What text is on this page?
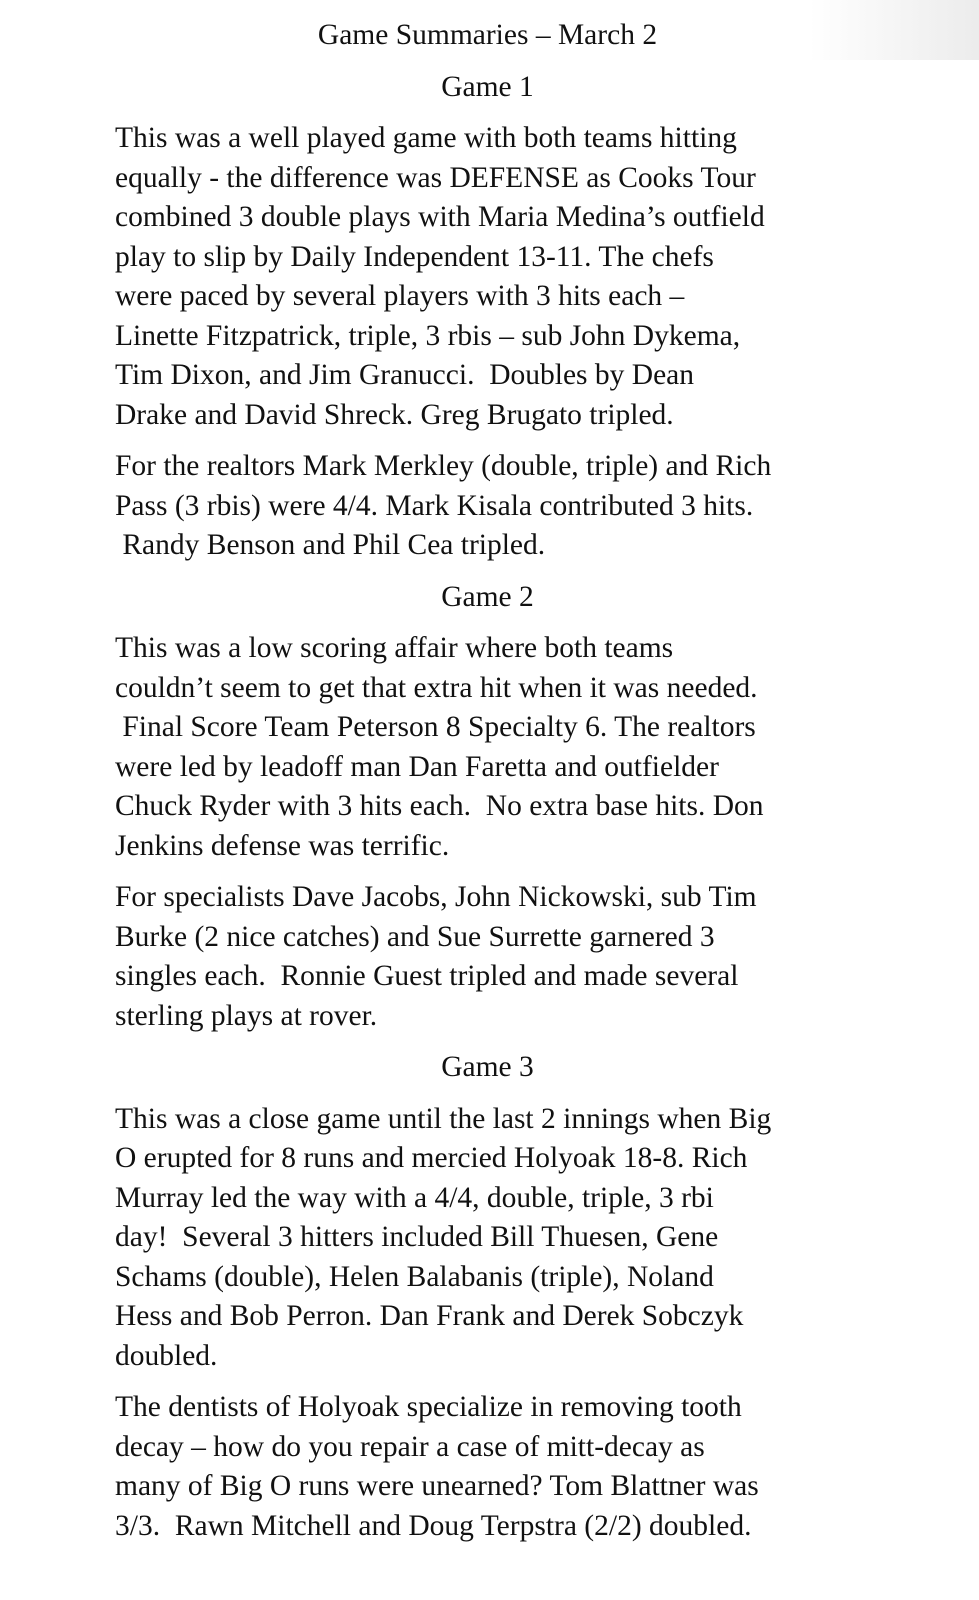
Game Summaries – March 2
Game 1
This was a well played game with both teams hitting
equally - the difference was DEFENSE as Cooks Tour
combined 3 double plays with Maria Medina’s outfield
play to slip by Daily Independent 13-11. The chefs
were paced by several players with 3 hits each –
Linette Fitzpatrick, triple, 3 rbis – sub John Dykema,
Tim Dixon, and Jim Granucci.  Doubles by Dean
Drake and David Shreck. Greg Brugato tripled.
For the realtors Mark Merkley (double, triple) and Rich
Pass (3 rbis) were 4/4. Mark Kisala contributed 3 hits.
Randy Benson and Phil Cea tripled.
Game 2
This was a low scoring affair where both teams
couldn’t seem to get that extra hit when it was needed.
Final Score Team Peterson 8 Specialty 6. The realtors
were led by leadoff man Dan Faretta and outfielder
Chuck Ryder with 3 hits each.  No extra base hits. Don
Jenkins defense was terrific.
For specialists Dave Jacobs, John Nickowski, sub Tim
Burke (2 nice catches) and Sue Surrette garnered 3
singles each.  Ronnie Guest tripled and made several
sterling plays at rover.
Game 3
This was a close game until the last 2 innings when Big
O erupted for 8 runs and mercied Holyoak 18-8. Rich
Murray led the way with a 4/4, double, triple, 3 rbi
day!  Several 3 hitters included Bill Thuesen, Gene
Schams (double), Helen Balabanis (triple), Noland
Hess and Bob Perron. Dan Frank and Derek Sobczyk
doubled.
The dentists of Holyoak specialize in removing tooth
decay – how do you repair a case of mitt-decay as
many of Big O runs were unearned? Tom Blattner was
3/3.  Rawn Mitchell and Doug Terpstra (2/2) doubled.
